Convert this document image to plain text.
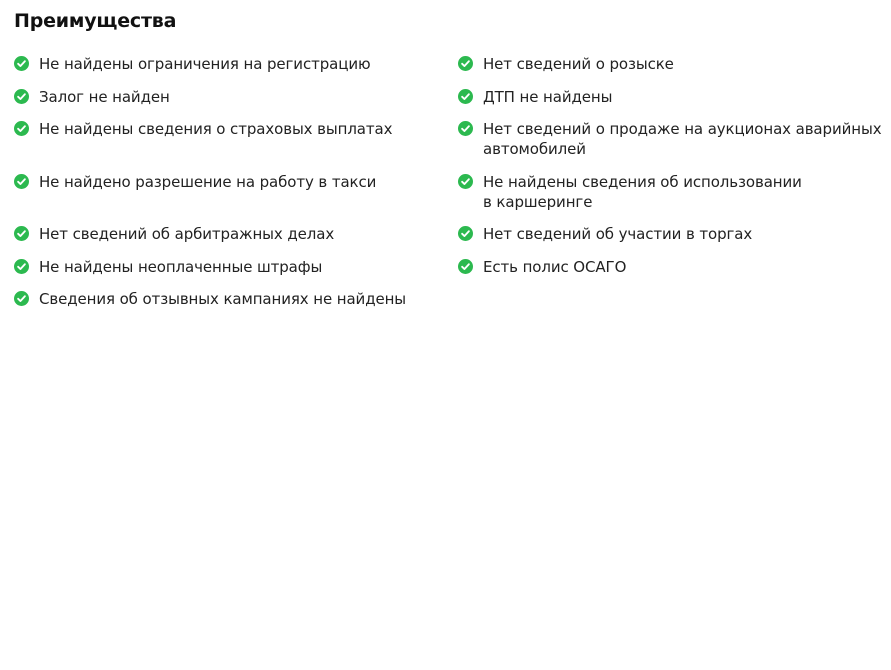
Преимущества
Не найдены ограничения на регистрацию
Залог не найден
Не найдены сведения о страховых выплатах
Не найдено разрешение на работу в такси
Нет сведений об арбитражных делах
Не найдены неоплаченные штрафы
Сведения об отзывных кампаниях не найдены
Нет сведений о розыске
ДТП не найдены
Нет сведений о продаже на аукционах аварийных
автомобилей
Не найдены сведения об использовании
в каршеринге
Нет сведений об участии в торгах
Есть полис ОСАГО
